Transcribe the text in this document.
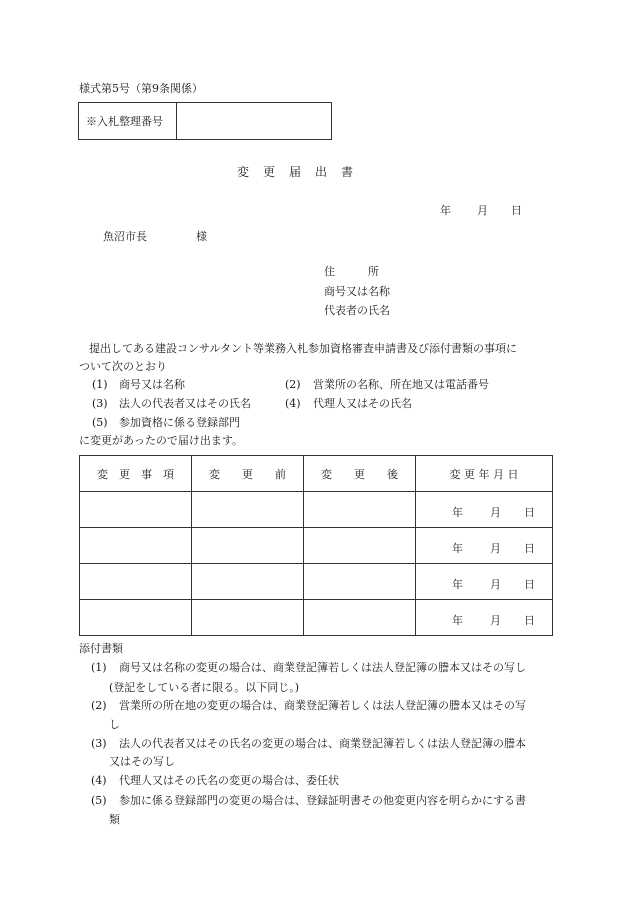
様式第5号（第9条関係）
※入札整理番号	
変　更　届　出　書
年 月 日
魚沼市長	様
住　　　所
商号又は名称
代表者の氏名
提出してある建設コンサルタント等業務入札参加資格審査申請書及び添付書類の事項に
ついて次のとおり
(1) 商号又は名称	(2) 営業所の名称、所在地又は電話番号
(3) 法人の代表者又はその氏名	(4) 代理人又はその氏名
(5) 参加資格に係る登録部門
に変更があったので届け出ます。
変　更　事　項	変　　更　　前	変　　更　　後	変 更 年 月 日

			年 月 日

			年 月 日

			年 月 日

			年 月 日
添付書類
(1) 商号又は名称の変更の場合は、商業登記簿若しくは法人登記簿の謄本又はその写し
(登記をしている者に限る。以下同じ。)
(2) 営業所の所在地の変更の場合は、商業登記簿若しくは法人登記簿の謄本又はその写
し
(3) 法人の代表者又はその氏名の変更の場合は、商業登記簿若しくは法人登記簿の謄本
又はその写し
(4) 代理人又はその氏名の変更の場合は、委任状
(5) 参加に係る登録部門の変更の場合は、登録証明書その他変更内容を明らかにする書
類
